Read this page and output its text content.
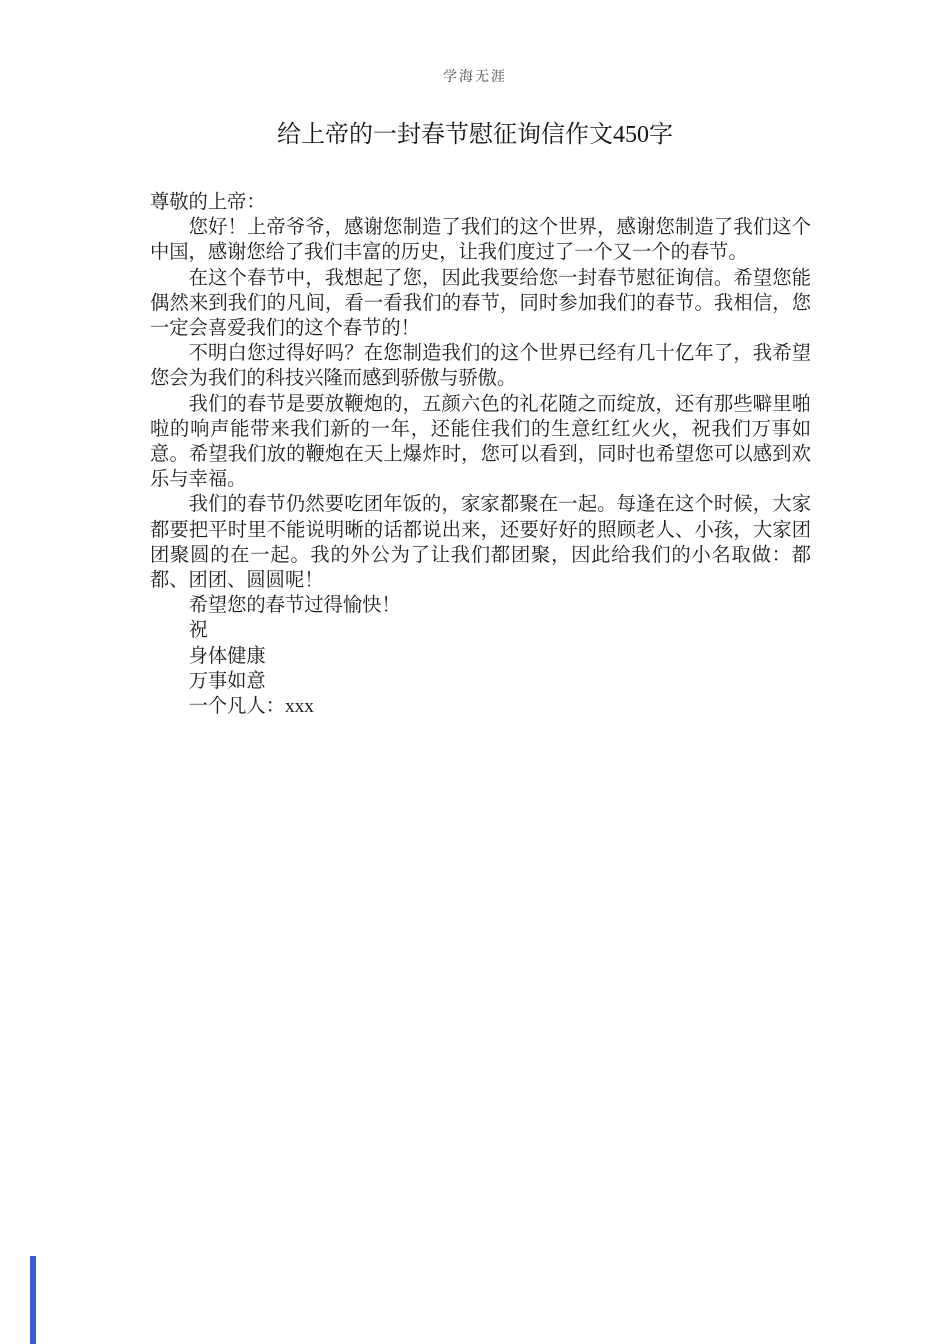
学海无涯
给上帝的一封春节慰征询信作文450字

尊敬的上帝：

您好！上帝爷爷，感谢您制造了我们的这个世界，感谢您制造了我们这个中国，感谢您给了我们丰富的历史，让我们度过了一个又一个的春节。

在这个春节中，我想起了您，因此我要给您一封春节慰征询信。希望您能偶然来到我们的凡间，看一看我们的春节，同时参加我们的春节。我相信，您一定会喜爱我们的这个春节的！

不明白您过得好吗？在您制造我们的这个世界已经有几十亿年了，我希望您会为我们的科技兴隆而感到骄傲与骄傲。

我们的春节是要放鞭炮的，五颜六色的礼花随之而绽放，还有那些噼里啪啦的响声能带来我们新的一年，还能住我们的生意红红火火，祝我们万事如意。希望我们放的鞭炮在天上爆炸时，您可以看到，同时也希望您可以感到欢乐与幸福。

我们的春节仍然要吃团年饭的，家家都聚在一起。每逢在这个时候，大家都要把平时里不能说明晰的话都说出来，还要好好的照顾老人、小孩，大家团团聚圆的在一起。我的外公为了让我们都团聚，因此给我们的小名取做：都都、团团、圆圆呢！

希望您的春节过得愉快！

祝

身体健康

万事如意

一个凡人：xxx
